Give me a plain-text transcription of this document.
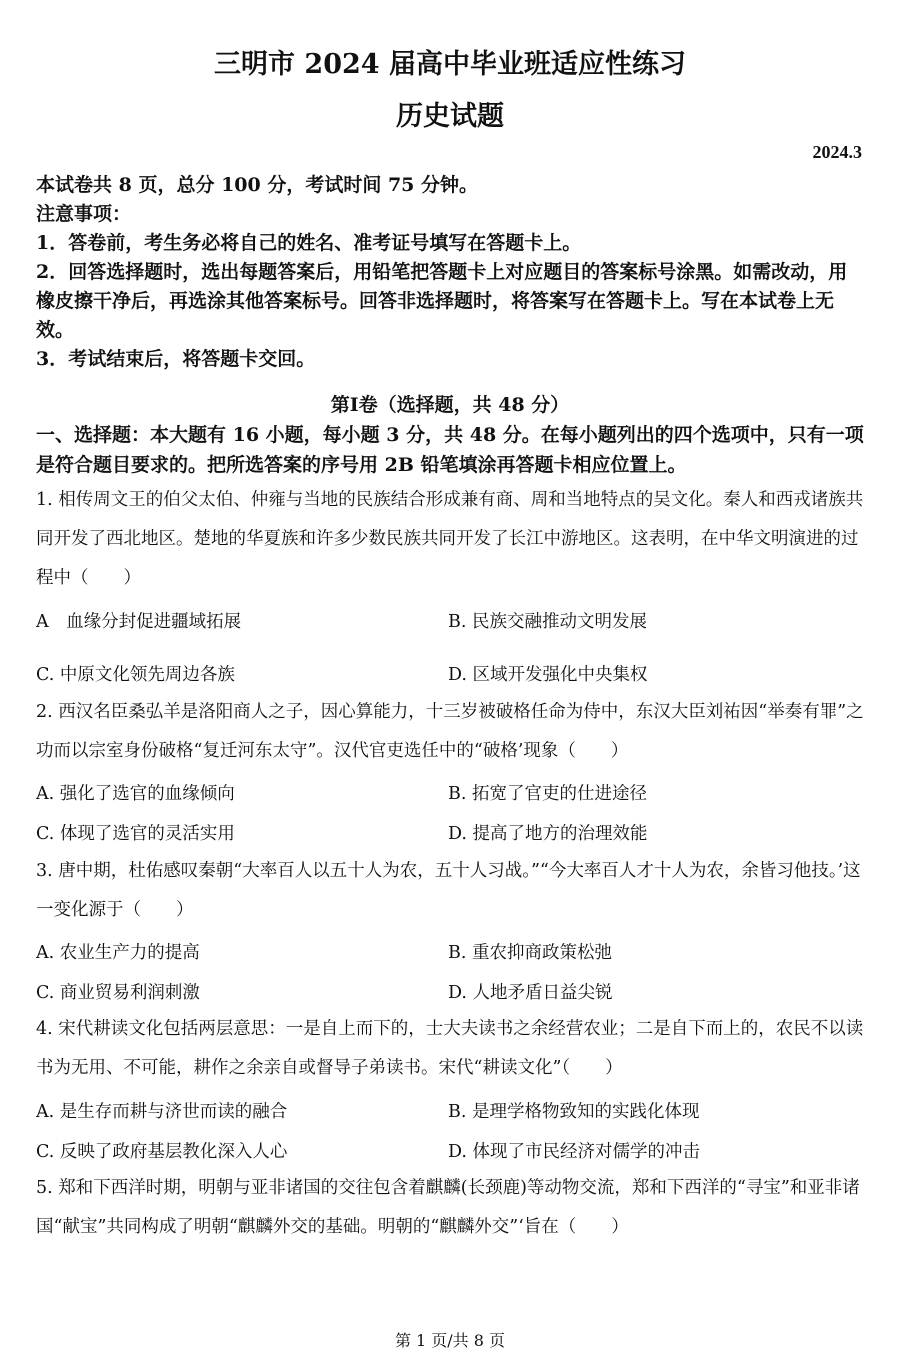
三明市 2024 届高中毕业班适应性练习
历史试题
2024.3
本试卷共 8 页，总分 100 分，考试时间 75 分钟。
注意事项：
1．答卷前，考生务必将自己的姓名、准考证号填写在答题卡上。
2．回答选择题时，选出每题答案后，用铅笔把答题卡上对应题目的答案标号涂黑。如需改动，用橡皮擦干净后，再选涂其他答案标号。回答非选择题时，将答案写在答题卡上。写在本试卷上无效。
3．考试结束后，将答题卡交回。
第Ⅰ卷（选择题，共 48 分）
一、选择题：本大题有 16 小题，每小题 3 分，共 48 分。在每小题列出的四个选项中，只有一项是符合题目要求的。把所选答案的序号用 2B 铅笔填涂再答题卡相应位置上。
1. 相传周文王的伯父太伯、仲雍与当地的民族结合形成兼有商、周和当地特点的吴文化。秦人和西戎诸族共同开发了西北地区。楚地的华夏族和许多少数民族共同开发了长江中游地区。这表明，在中华文明演进的过程中（　　）
A　血缘分封促进疆域拓展	B. 民族交融推动文明发展
C. 中原文化领先周边各族	D. 区域开发强化中央集权
2. 西汉名臣桑弘羊是洛阳商人之子，因心算能力，十三岁被破格任命为侍中，东汉大臣刘祐因“举奏有罪”之功而以宗室身份破格“复迁河东太守”。汉代官吏选任中的“破格’现象（　　）
A. 强化了选官的血缘倾向	B. 拓宽了官吏的仕进途径
C. 体现了选官的灵活实用	D. 提高了地方的治理效能
3. 唐中期，杜佑感叹秦朝“大率百人以五十人为农，五十人习战。”“今大率百人才十人为农，余皆习他技。’这一变化源于（　　）
A. 农业生产力的提高	B. 重农抑商政策松弛
C. 商业贸易利润刺激	D. 人地矛盾日益尖锐
4. 宋代耕读文化包括两层意思：一是自上而下的，士大夫读书之余经营农业；二是自下而上的，农民不以读书为无用、不可能，耕作之余亲自或督导子弟读书。宋代“耕读文化”（　　）
A. 是生存而耕与济世而读的融合	B. 是理学格物致知的实践化体现
C. 反映了政府基层教化深入人心	D. 体现了市民经济对儒学的冲击
5. 郑和下西洋时期，明朝与亚非诸国的交往包含着麒麟(长颈鹿)等动物交流，郑和下西洋的“寻宝”和亚非诸国“献宝”共同构成了明朝“麒麟外交的基础。明朝的“麒麟外交”‘旨在（　　）
第 1 页/共 8 页
